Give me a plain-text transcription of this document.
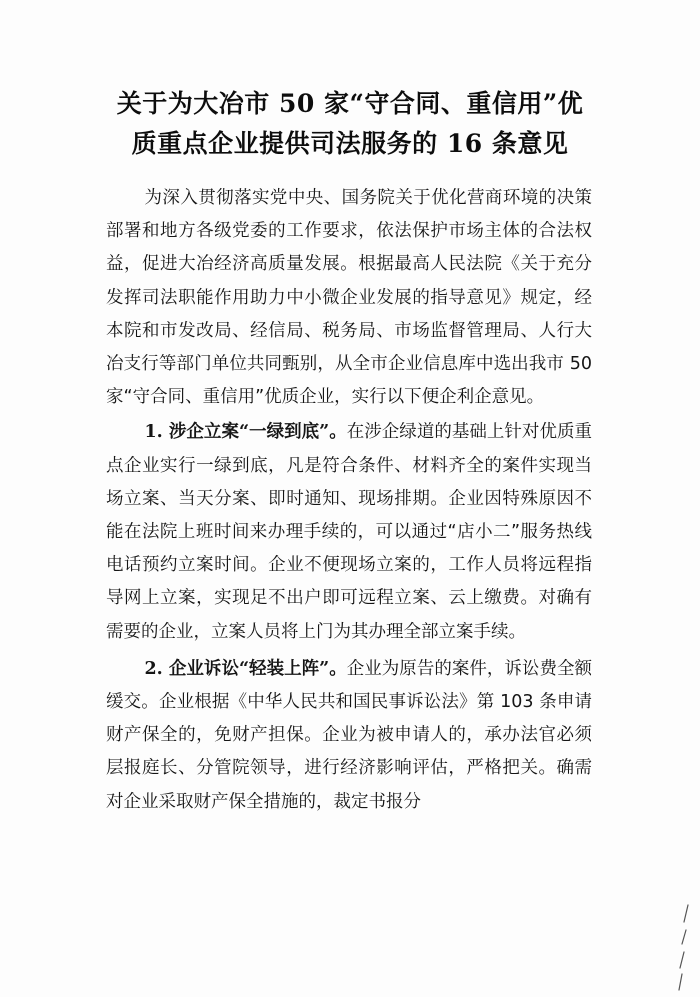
关于为大冶市 50 家“守合同、重信用”优
质重点企业提供司法服务的 16 条意见

为深入贯彻落实党中央、国务院关于优化营商环境的决策部署和地方各级党委的工作要求，依法保护市场主体的合法权益，促进大冶经济高质量发展。根据最高人民法院《关于充分发挥司法职能作用助力中小微企业发展的指导意见》规定，经本院和市发改局、经信局、税务局、市场监督管理局、人行大冶支行等部门单位共同甄别，从全市企业信息库中选出我市 50 家“守合同、重信用”优质企业，实行以下便企利企意见。

1. 涉企立案“一绿到底”。在涉企绿道的基础上针对优质重点企业实行一绿到底，凡是符合条件、材料齐全的案件实现当场立案、当天分案、即时通知、现场排期。企业因特殊原因不能在法院上班时间来办理手续的，可以通过“店小二”服务热线电话预约立案时间。企业不便现场立案的，工作人员将远程指导网上立案，实现足不出户即可远程立案、云上缴费。对确有需要的企业，立案人员将上门为其办理全部立案手续。

2. 企业诉讼“轻装上阵”。企业为原告的案件，诉讼费全额缓交。企业根据《中华人民共和国民事诉讼法》第 103 条申请财产保全的，免财产担保。企业为被申请人的，承办法官必须层报庭长、分管院领导，进行经济影响评估，严格把关。确需对企业采取财产保全措施的，裁定书报分
